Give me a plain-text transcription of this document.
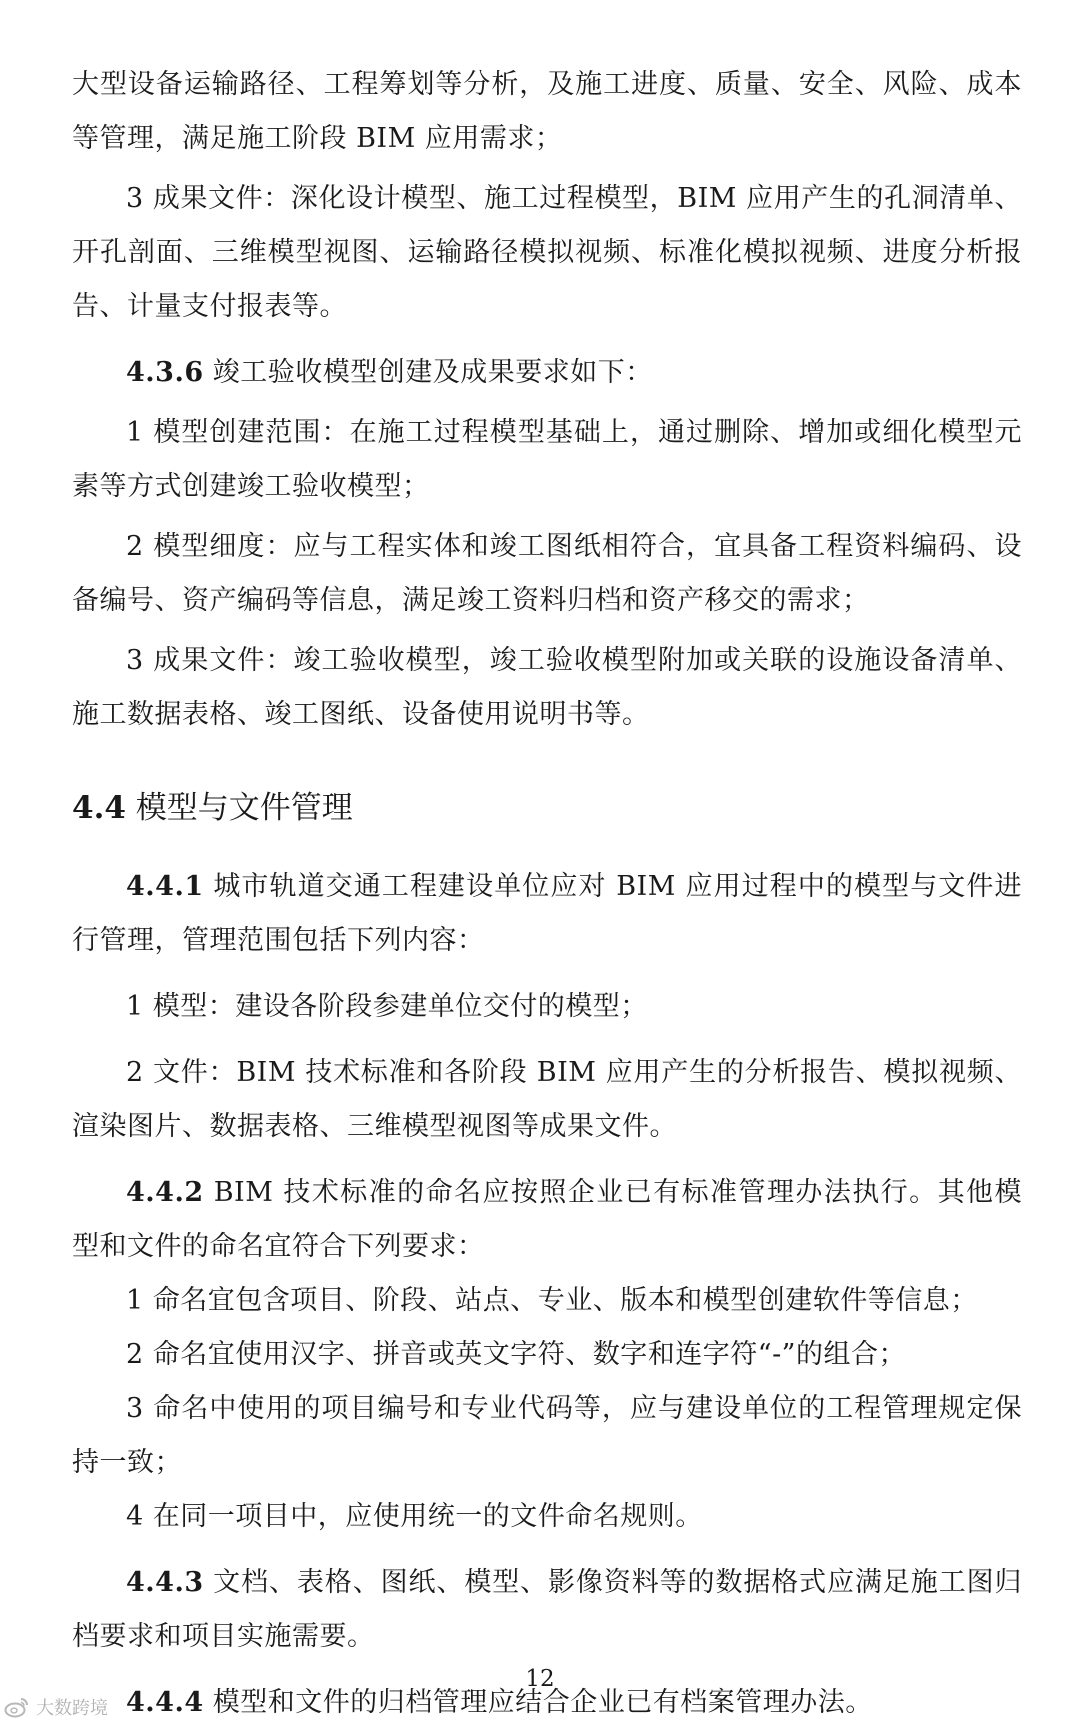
大型设备运输路径、工程筹划等分析，及施工进度、质量、安全、风险、成本等管理，满足施工阶段 BIM 应用需求；

3 成果文件：深化设计模型、施工过程模型，BIM 应用产生的孔洞清单、开孔剖面、三维模型视图、运输路径模拟视频、标准化模拟视频、进度分析报告、计量支付报表等。

4.3.6 竣工验收模型创建及成果要求如下：

1 模型创建范围：在施工过程模型基础上，通过删除、增加或细化模型元素等方式创建竣工验收模型；

2 模型细度：应与工程实体和竣工图纸相符合，宜具备工程资料编码、设备编号、资产编码等信息，满足竣工资料归档和资产移交的需求；

3 成果文件：竣工验收模型，竣工验收模型附加或关联的设施设备清单、施工数据表格、竣工图纸、设备使用说明书等。

4.4 模型与文件管理

4.4.1 城市轨道交通工程建设单位应对 BIM 应用过程中的模型与文件进行管理，管理范围包括下列内容：

1 模型：建设各阶段参建单位交付的模型；

2 文件：BIM 技术标准和各阶段 BIM 应用产生的分析报告、模拟视频、渲染图片、数据表格、三维模型视图等成果文件。

4.4.2 BIM 技术标准的命名应按照企业已有标准管理办法执行。其他模型和文件的命名宜符合下列要求：

1 命名宜包含项目、阶段、站点、专业、版本和模型创建软件等信息；

2 命名宜使用汉字、拼音或英文字符、数字和连字符“-”的组合；

3 命名中使用的项目编号和专业代码等，应与建设单位的工程管理规定保持一致；

4 在同一项目中，应使用统一的文件命名规则。

4.4.3 文档、表格、图纸、模型、影像资料等的数据格式应满足施工图归档要求和项目实施需要。

4.4.4 模型和文件的归档管理应结合企业已有档案管理办法。

12
大数跨境
